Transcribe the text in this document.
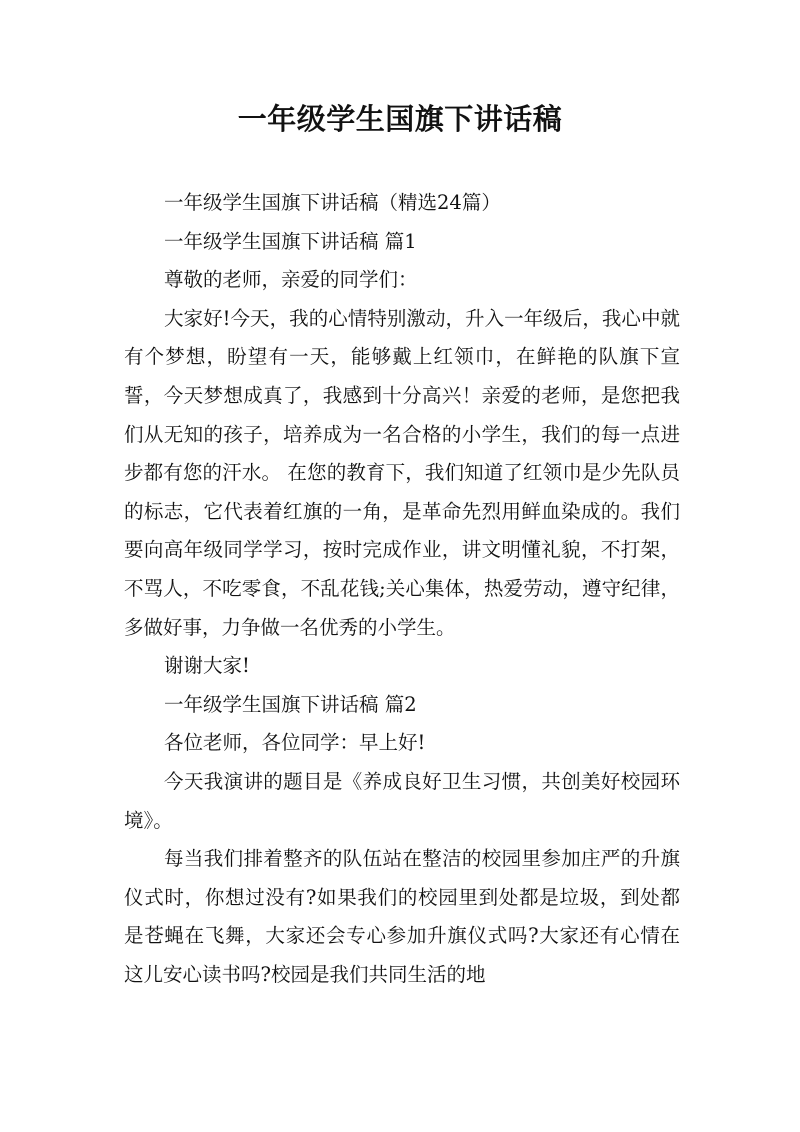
一年级学生国旗下讲话稿

一年级学生国旗下讲话稿（精选24篇）

一年级学生国旗下讲话稿 篇1

尊敬的老师，亲爱的同学们：

大家好!今天，我的心情特别激动，升入一年级后，我心中就有个梦想，盼望有一天，能够戴上红领巾，在鲜艳的队旗下宣誓，今天梦想成真了，我感到十分高兴！亲爱的老师，是您把我们从无知的孩子，培养成为一名合格的小学生，我们的每一点进步都有您的汗水。 在您的教育下，我们知道了红领巾是少先队员的标志，它代表着红旗的一角，是革命先烈用鲜血染成的。我们要向高年级同学学习，按时完成作业，讲文明懂礼貌，不打架，不骂人，不吃零食，不乱花钱;关心集体，热爱劳动，遵守纪律，多做好事，力争做一名优秀的小学生。

谢谢大家!

一年级学生国旗下讲话稿 篇2

各位老师，各位同学：早上好!

今天我演讲的题目是《养成良好卫生习惯，共创美好校园环境》。

每当我们排着整齐的队伍站在整洁的校园里参加庄严的升旗仪式时，你想过没有?如果我们的校园里到处都是垃圾，到处都是苍蝇在飞舞，大家还会专心参加升旗仪式吗?大家还有心情在这儿安心读书吗?校园是我们共同生活的地
